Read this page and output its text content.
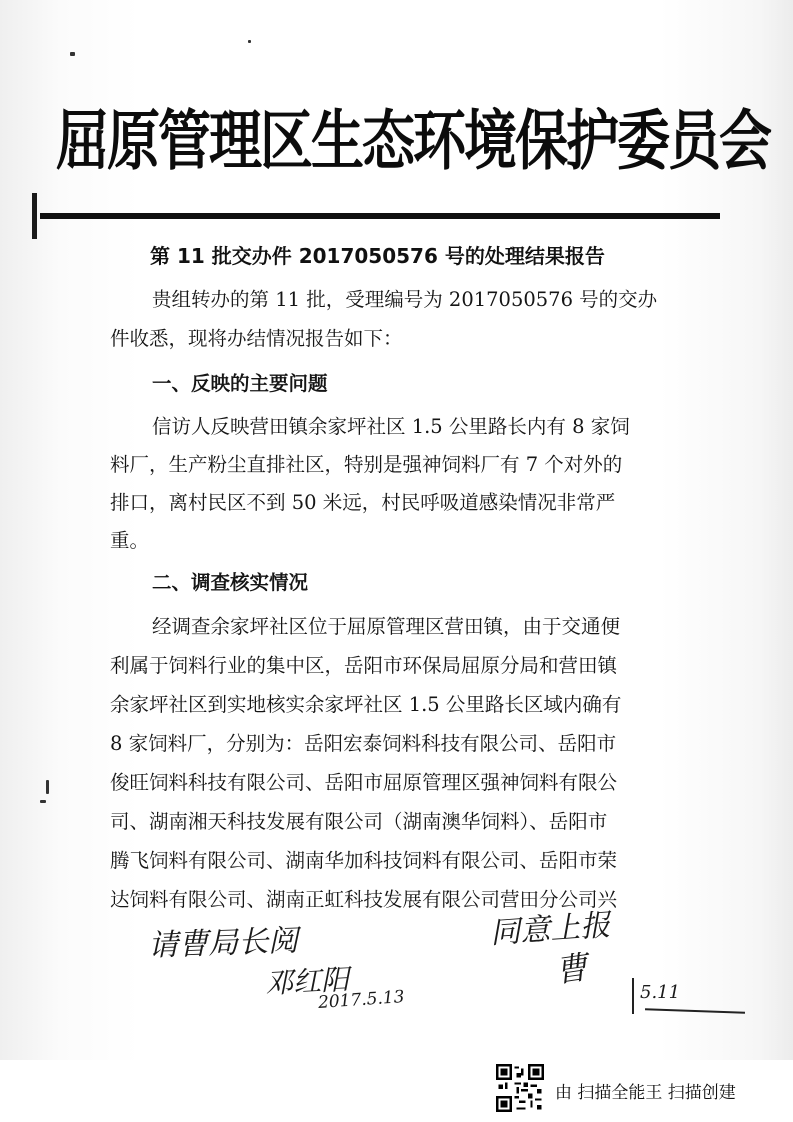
屈原管理区生态环境保护委员会
第 11 批交办件 2017050576 号的处理结果报告
贵组转办的第 11 批，受理编号为 2017050576 号的交办
件收悉，现将办结情况报告如下：
一、反映的主要问题
信访人反映营田镇余家坪社区 1.5 公里路长内有 8 家饲
料厂，生产粉尘直排社区，特别是强神饲料厂有 7 个对外的
排口，离村民区不到 50 米远，村民呼吸道感染情况非常严
重。
二、调查核实情况
经调查余家坪社区位于屈原管理区营田镇，由于交通便
利属于饲料行业的集中区，岳阳市环保局屈原分局和营田镇
余家坪社区到实地核实余家坪社区 1.5 公里路长区域内确有
8 家饲料厂，分别为：岳阳宏泰饲料科技有限公司、岳阳市
俊旺饲料科技有限公司、岳阳市屈原管理区强神饲料有限公
司、湖南湘天科技发展有限公司（湖南澳华饲料）、岳阳市
腾飞饲料有限公司、湖南华加科技饲料有限公司、岳阳市荣
达饲料有限公司、湖南正虹科技发展有限公司营田分公司兴
请曹局长阅
邓红阳
2017.5.13
同意上报
曹
5.11
由 扫描全能王 扫描创建
